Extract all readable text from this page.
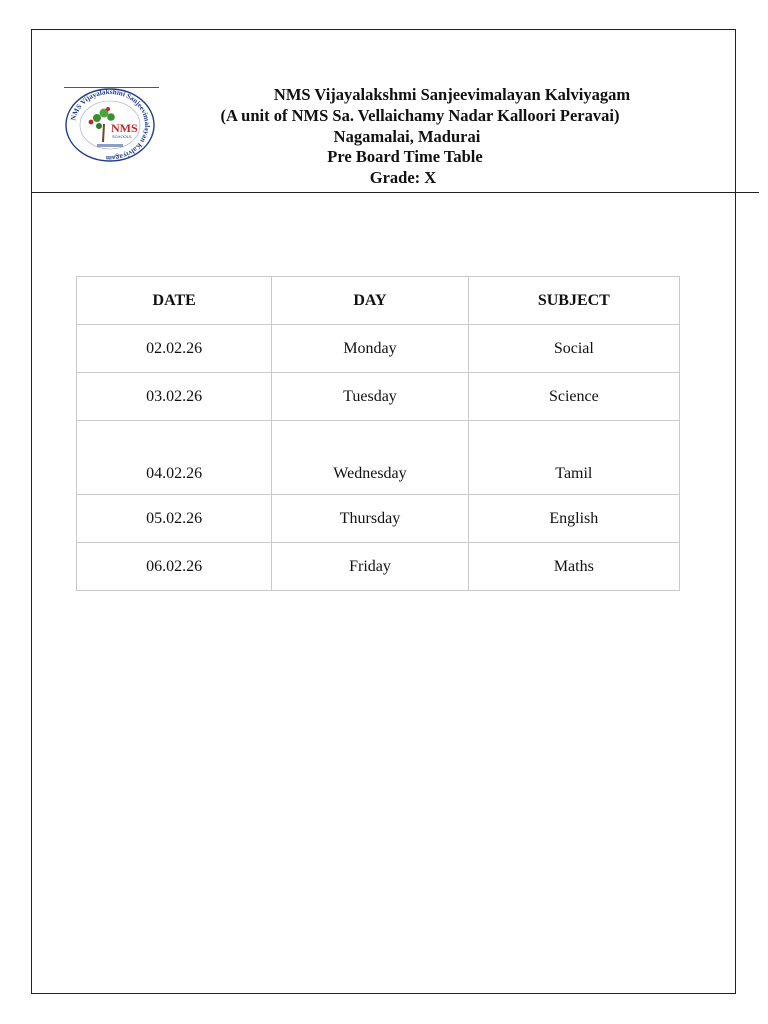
NMS Vijayalakshmi Sanjeevimalayan Kalviyagam
NMS
SCHOOLS
NMS Vijayalakshmi Sanjeevimalayan Kalviyagam
(A unit of NMS Sa. Vellaichamy Nadar Kalloori Peravai)
Nagamalai, Madurai
Pre Board Time Table
Grade: X
DATE	DAY	SUBJECT
02.02.26	Monday	Social
03.02.26	Tuesday	Science
04.02.26	Wednesday	Tamil
05.02.26	Thursday	English
06.02.26	Friday	Maths
